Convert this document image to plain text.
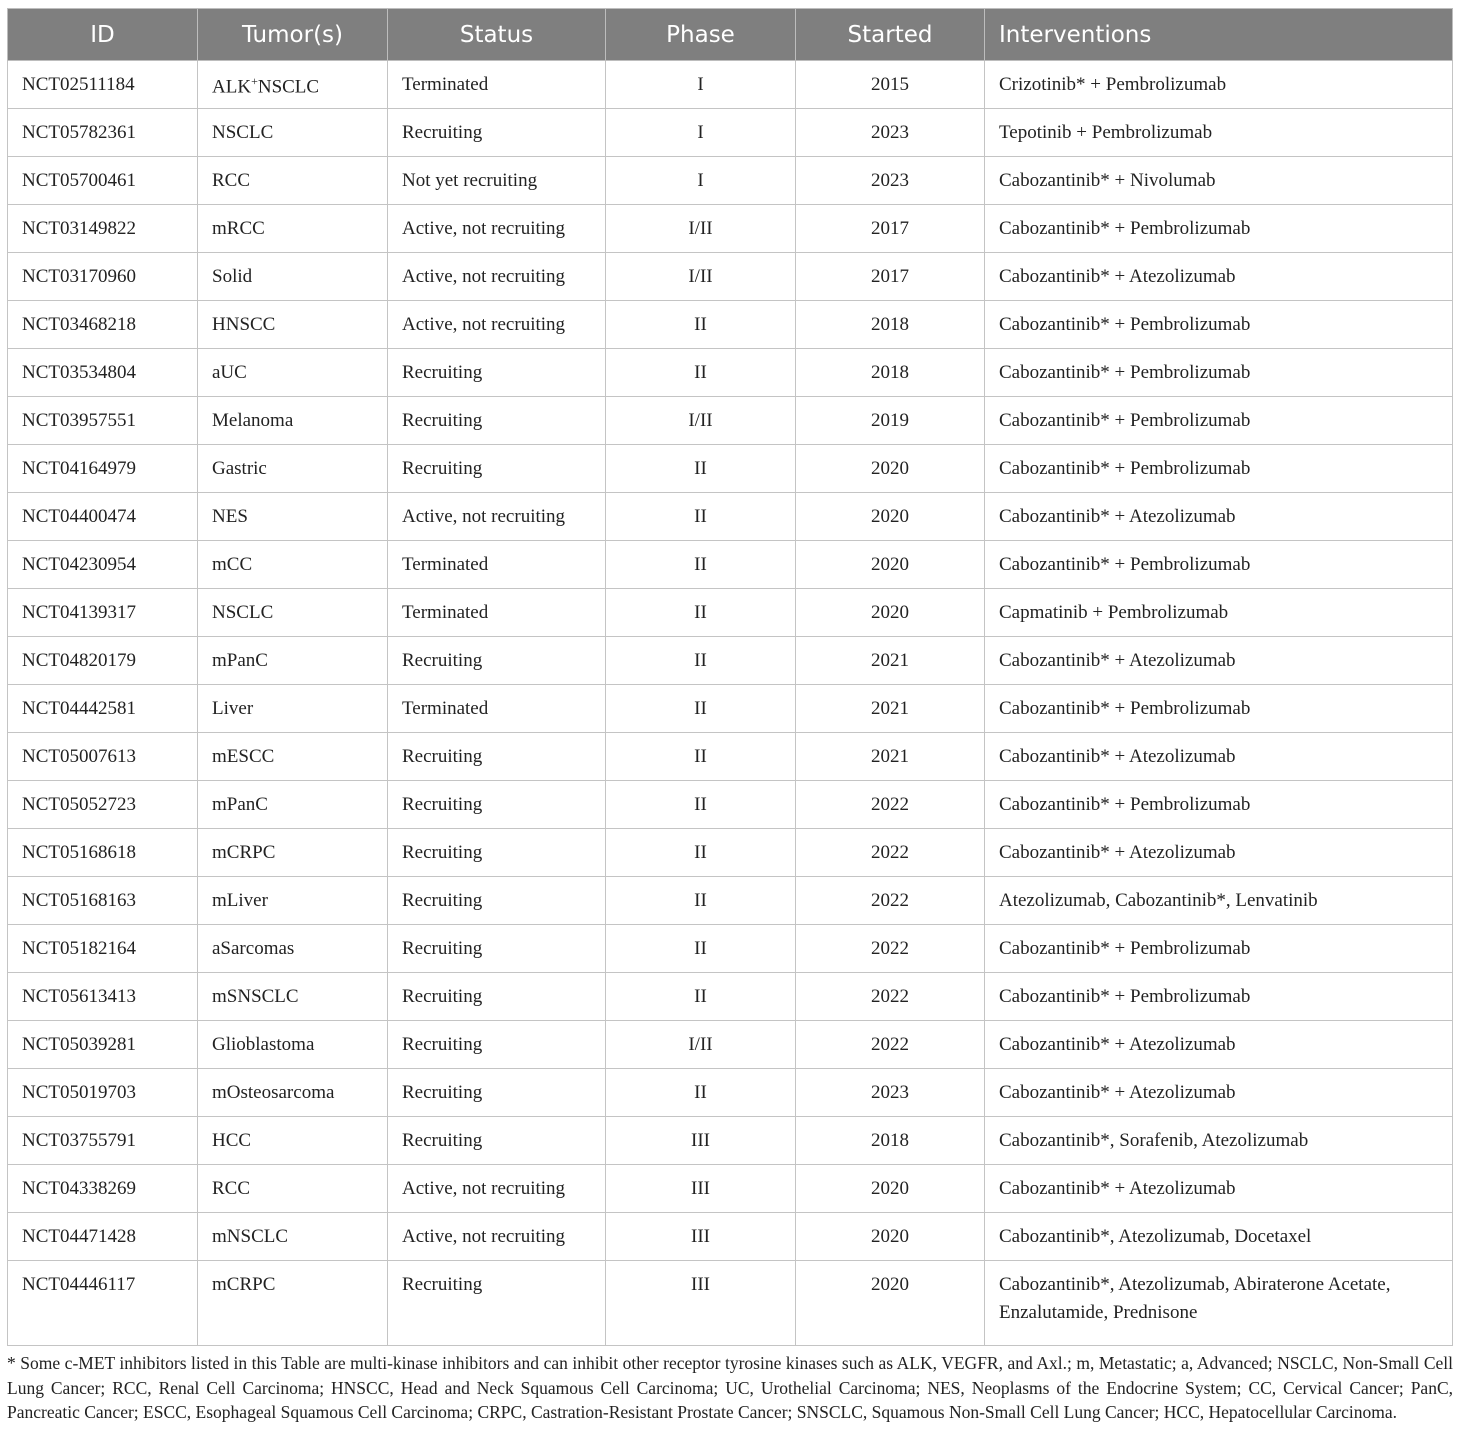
ID	Tumor(s)	Status	Phase	Started	Interventions
NCT02511184	ALK+NSCLC	Terminated	I	2015	Crizotinib* + Pembrolizumab
NCT05782361	NSCLC	Recruiting	I	2023	Tepotinib + Pembrolizumab
NCT05700461	RCC	Not yet recruiting	I	2023	Cabozantinib* + Nivolumab
NCT03149822	mRCC	Active, not recruiting	I/II	2017	Cabozantinib* + Pembrolizumab
NCT03170960	Solid	Active, not recruiting	I/II	2017	Cabozantinib* + Atezolizumab
NCT03468218	HNSCC	Active, not recruiting	II	2018	Cabozantinib* + Pembrolizumab
NCT03534804	aUC	Recruiting	II	2018	Cabozantinib* + Pembrolizumab
NCT03957551	Melanoma	Recruiting	I/II	2019	Cabozantinib* + Pembrolizumab
NCT04164979	Gastric	Recruiting	II	2020	Cabozantinib* + Pembrolizumab
NCT04400474	NES	Active, not recruiting	II	2020	Cabozantinib* + Atezolizumab
NCT04230954	mCC	Terminated	II	2020	Cabozantinib* + Pembrolizumab
NCT04139317	NSCLC	Terminated	II	2020	Capmatinib + Pembrolizumab
NCT04820179	mPanC	Recruiting	II	2021	Cabozantinib* + Atezolizumab
NCT04442581	Liver	Terminated	II	2021	Cabozantinib* + Pembrolizumab
NCT05007613	mESCC	Recruiting	II	2021	Cabozantinib* + Atezolizumab
NCT05052723	mPanC	Recruiting	II	2022	Cabozantinib* + Pembrolizumab
NCT05168618	mCRPC	Recruiting	II	2022	Cabozantinib* + Atezolizumab
NCT05168163	mLiver	Recruiting	II	2022	Atezolizumab, Cabozantinib*, Lenvatinib
NCT05182164	aSarcomas	Recruiting	II	2022	Cabozantinib* + Pembrolizumab
NCT05613413	mSNSCLC	Recruiting	II	2022	Cabozantinib* + Pembrolizumab
NCT05039281	Glioblastoma	Recruiting	I/II	2022	Cabozantinib* + Atezolizumab
NCT05019703	mOsteosarcoma	Recruiting	II	2023	Cabozantinib* + Atezolizumab
NCT03755791	HCC	Recruiting	III	2018	Cabozantinib*, Sorafenib, Atezolizumab
NCT04338269	RCC	Active, not recruiting	III	2020	Cabozantinib* + Atezolizumab
NCT04471428	mNSCLC	Active, not recruiting	III	2020	Cabozantinib*, Atezolizumab, Docetaxel
NCT04446117	mCRPC	Recruiting	III	2020	Cabozantinib*, Atezolizumab, Abiraterone Acetate, Enzalutamide, Prednisone
* Some c-MET inhibitors listed in this Table are multi-kinase inhibitors and can inhibit other receptor tyrosine kinases such as ALK, VEGFR, and Axl.; m, Metastatic; a, Advanced; NSCLC, Non-Small Cell Lung Cancer; RCC, Renal Cell Carcinoma; HNSCC, Head and Neck Squamous Cell Carcinoma; UC, Urothelial Carcinoma; NES, Neoplasms of the Endocrine System; CC, Cervical Cancer; PanC, Pancreatic Cancer; ESCC, Esophageal Squamous Cell Carcinoma; CRPC, Castration-Resistant Prostate Cancer; SNSCLC, Squamous Non-Small Cell Lung Cancer; HCC, Hepatocellular Carcinoma.
